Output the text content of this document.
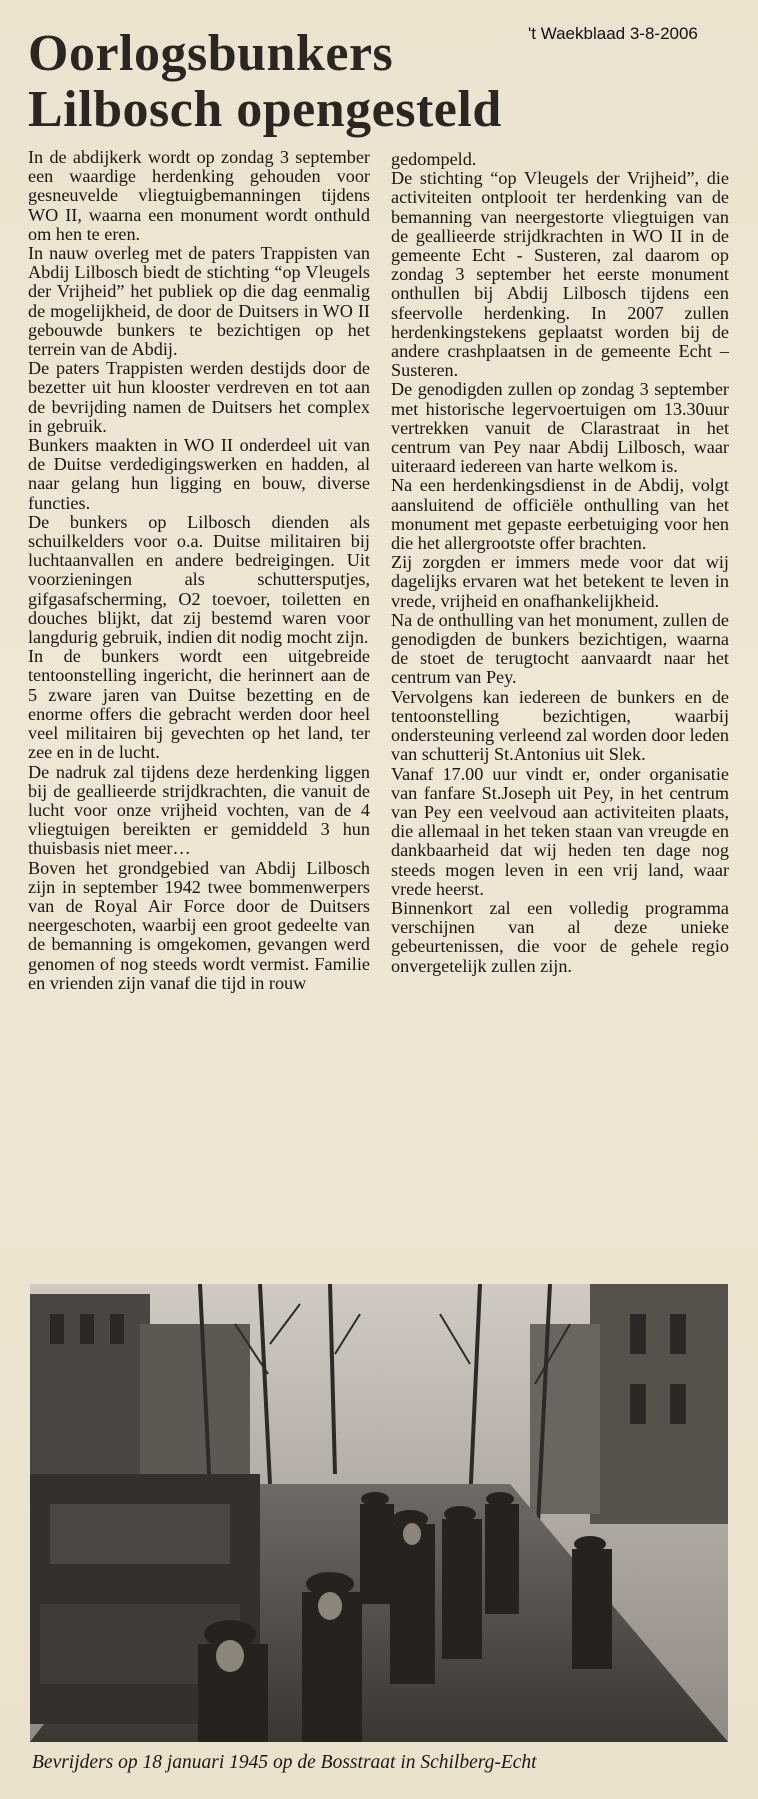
't Waekblaad 3-8-2006
Oorlogsbunkers
Lilbosch opengesteld

In de abdijkerk wordt op zondag 3 september een waardige herdenking gehouden voor gesneuvelde vliegtuigbemanningen tijdens WO II, waarna een monument wordt onthuld om hen te eren.

In nauw overleg met de paters Trappisten van Abdij Lilbosch biedt de stichting “op Vleugels der Vrijheid” het publiek op die dag eenmalig de mogelijkheid, de door de Duitsers in WO II gebouwde bunkers te bezichtigen op het terrein van de Abdij.

De paters Trappisten werden destijds door de bezetter uit hun klooster verdreven en tot aan de bevrijding namen de Duitsers het complex in gebruik.

Bunkers maakten in WO II onderdeel uit van de Duitse verdedigingswerken en hadden, al naar gelang hun ligging en bouw, diverse functies.

De bunkers op Lilbosch dienden als schuilkelders voor o.a. Duitse militairen bij luchtaanvallen en andere bedreigingen. Uit voorzieningen als schuttersputjes, gifgasafscherming, O2 toevoer, toiletten en douches blijkt, dat zij bestemd waren voor langdurig gebruik, indien dit nodig mocht zijn.

In de bunkers wordt een uitgebreide tentoonstelling ingericht, die herinnert aan de 5 zware jaren van Duitse bezetting en de enorme offers die gebracht werden door heel veel militairen bij gevechten op het land, ter zee en in de lucht.

De nadruk zal tijdens deze herdenking liggen bij de geallieerde strijdkrachten, die vanuit de lucht voor onze vrijheid vochten, van de 4 vliegtuigen bereikten er gemiddeld 3 hun thuisbasis niet meer…

Boven het grondgebied van Abdij Lilbosch zijn in september 1942 twee bommenwerpers van de Royal Air Force door de Duitsers neergeschoten, waarbij een groot gedeelte van de bemanning is omgekomen, gevangen werd genomen of nog steeds wordt vermist. Familie en vrienden zijn vanaf die tijd in rouw

gedompeld.

De stichting “op Vleugels der Vrijheid”, die activiteiten ontplooit ter herdenking van de bemanning van neergestorte vliegtuigen van de geallieerde strijdkrachten in WO II in de gemeente Echt - Susteren, zal daarom op zondag 3 september het eerste monument onthullen bij Abdij Lilbosch tijdens een sfeervolle herdenking. In 2007 zullen herdenkingstekens geplaatst worden bij de andere crashplaatsen in de gemeente Echt – Susteren.

De genodigden zullen op zondag 3 september met historische legervoertuigen om 13.30uur vertrekken vanuit de Clarastraat in het centrum van Pey naar Abdij Lilbosch, waar uiteraard iedereen van harte welkom is.

Na een herdenkingsdienst in de Abdij, volgt aansluitend de officiële onthulling van het monument met gepaste eerbetuiging voor hen die het allergrootste offer brachten.

Zij zorgden er immers mede voor dat wij dagelijks ervaren wat het betekent te leven in vrede, vrijheid en onafhankelijkheid.

Na de onthulling van het monument, zullen de genodigden de bunkers bezichtigen, waarna de stoet de terugtocht aanvaardt naar het centrum van Pey.

Vervolgens kan iedereen de bunkers en de tentoonstelling bezichtigen, waarbij ondersteuning verleend zal worden door leden van schutterij St.Antonius uit Slek.

Vanaf 17.00 uur vindt er, onder organisatie van fanfare St.Joseph uit Pey, in het centrum van Pey een veelvoud aan activiteiten plaats, die allemaal in het teken staan van vreugde en dankbaarheid dat wij heden ten dage nog steeds mogen leven in een vrij land, waar vrede heerst.

Binnenkort zal een volledig programma verschijnen van al deze unieke gebeurtenissen, die voor de gehele regio onvergetelijk zullen zijn.

Bevrijders op 18 januari 1945 op de Bosstraat in Schilberg-Echt
